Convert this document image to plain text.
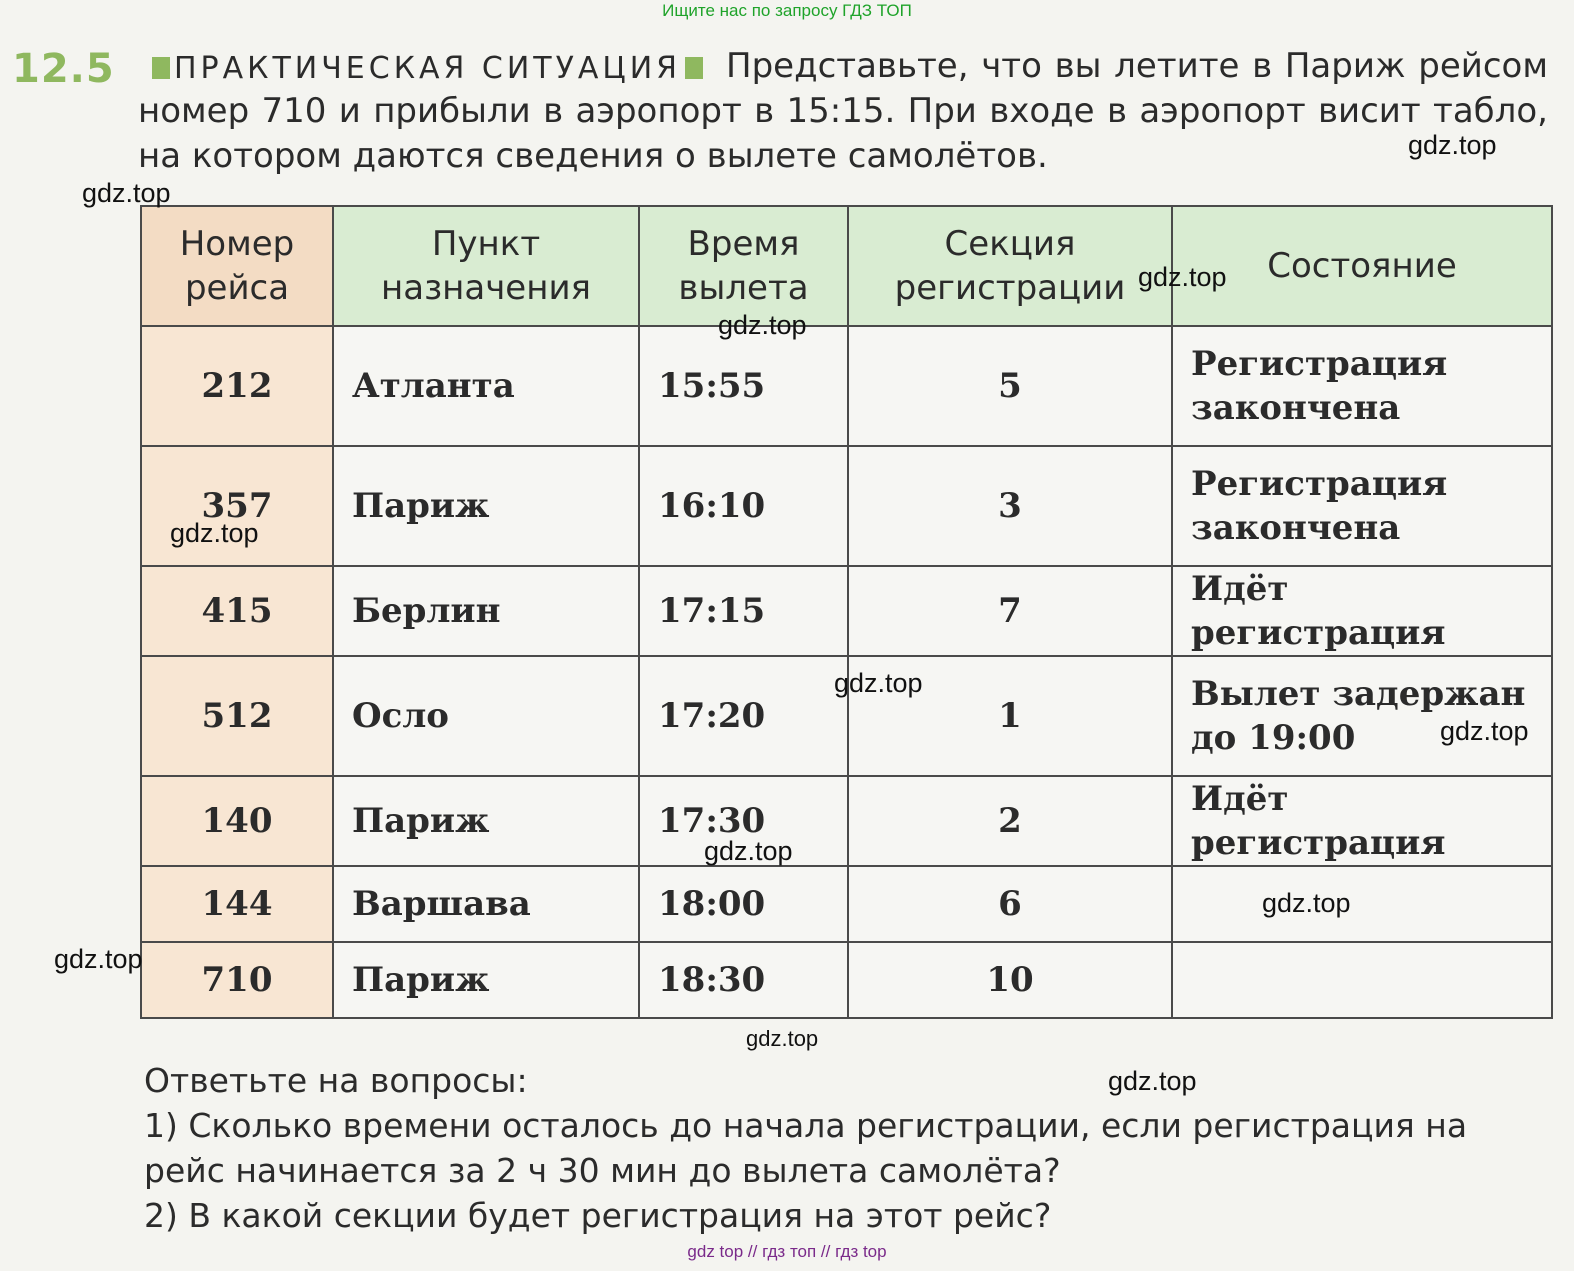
Ищите нас по запросу ГДЗ ТОП
12.5	Представьте, что вы летите в Париж рейсом номер 710 и прибыли в аэропорт в 15:15. При входе в аэропорт висит табло, на котором даются сведения о вылете самолётов.
ПРАКТИЧЕСКАЯ СИТУАЦИЯ
Номер рейса	Пункт назначения	Время вылета	Секция регистрации	Состояние
212	Атланта	15:55	5	Регистрация закончена
357	Париж	16:10	3	Регистрация закончена
415	Берлин	17:15	7	Идёт регистрация
512	Осло	17:20	1	Вылет задержан до 19:00
140	Париж	17:30	2	Идёт регистрация
144	Варшава	18:00	6	
710	Париж	18:30	10	
Ответьте на вопросы:
1) Сколько времени осталось до начала регистрации, если регистрация на рейс начинается за 2 ч 30 мин до вылета самолёта?
2) В какой секции будет регистрация на этот рейс?
gdz.top
gdz.top
gdz.top
gdz.top
gdz.top
gdz.top
gdz.top
gdz.top
gdz.top
gdz.top
gdz.top
gdz.top
gdz top // гдз топ // гдз top
